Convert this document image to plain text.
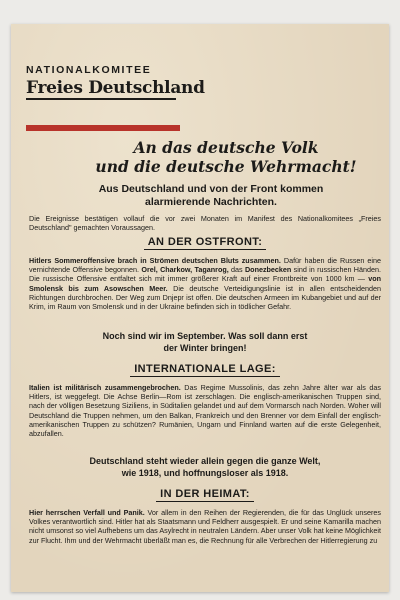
NATIONALKOMITEE
Freies Deutschland
An das deutsche Volk
und die deutsche Wehrmacht!
Aus Deutschland und von der Front kommen
alarmierende Nachrichten.
Die Ereignisse bestätigen vollauf die vor zwei Monaten im Manifest des Nationalkomitees „Freies Deutschland" gemachten Voraussagen.
AN DER OSTFRONT:
Hitlers Sommeroffensive brach in Strömen deutschen Bluts zusammen. Dafür haben die Russen eine vernichtende Offensive begonnen. Orel, Charkow, Taganrog, das Donezbecken sind in russischen Händen. Die russische Offensive entfaltet sich mit immer größerer Kraft auf einer Frontbreite von 1000 km — von Smolensk bis zum Asowschen Meer. Die deutsche Verteidigungslinie ist in allen entscheidenden Richtungen durchbrochen. Der Weg zum Dnjepr ist offen. Die deutschen Armeen im Kubangebiet und auf der Krim, im Raum von Smolensk und in der Ukraine befinden sich in tödlicher Gefahr.
Noch sind wir im September. Was soll dann erst
der Winter bringen!
INTERNATIONALE LAGE:
Italien ist militärisch zusammengebrochen. Das Regime Mussolinis, das zehn Jahre älter war als das Hitlers, ist weggefegt. Die Achse Berlin—Rom ist zerschlagen. Die englisch-amerikanischen Truppen sind, nach der völligen Besetzung Siziliens, in Süditalien gelandet und auf dem Vormarsch nach Norden. Woher will Deutschland die Truppen nehmen, um den Balkan, Frankreich und den Brenner vor dem Einfall der englisch-amerikanischen Truppen zu schützen? Rumänien, Ungarn und Finnland warten auf die erste Gelegenheit, abzufallen.
Deutschland steht wieder allein gegen die ganze Welt,
wie 1918, und hoffnungsloser als 1918.
IN DER HEIMAT:
Hier herrschen Verfall und Panik. Vor allem in den Reihen der Regierenden, die für das Unglück unseres Volkes verantwortlich sind. Hitler hat als Staatsmann und Feldherr ausgespielt. Er und seine Kamarilla machen nicht umsonst so viel Aufhebens um das Asylrecht in neutralen Ländern. Aber unser Volk hat keine Möglichkeit zur Flucht. Ihm und der Wehrmacht überläßt man es, die Rechnung für alle Verbrechen der Hitlerregierung zu
